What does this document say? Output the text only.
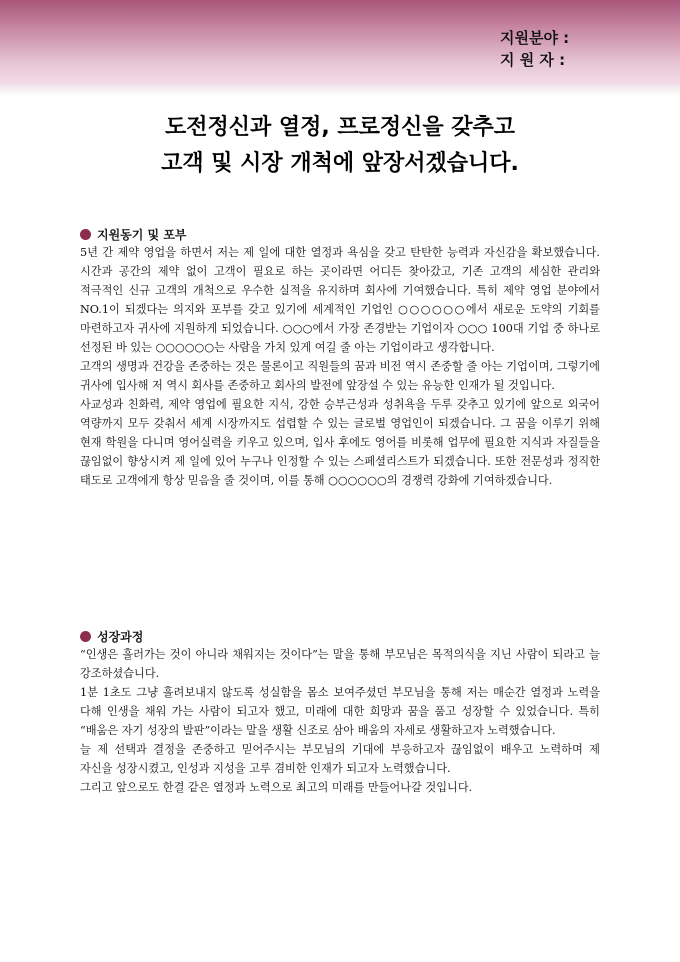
지원분야 :
지 원 자 :
도전정신과 열정, 프로정신을 갖추고
고객 및 시장 개척에 앞장서겠습니다.
지원동기 및 포부

5년 간 제약 영업을 하면서 저는 제 일에 대한 열정과 욕심을 갖고 탄탄한 능력과 자신감을 확보했습니다. 시간과 공간의 제약 없이 고객이 필요로 하는 곳이라면 어디든 찾아갔고, 기존 고객의 세심한 관리와 적극적인 신규 고객의 개척으로 우수한 실적을 유지하며 회사에 기여했습니다. 특히 제약 영업 분야에서 NO.1이 되겠다는 의지와 포부를 갖고 있기에 세계적인 기업인 ○○○○○○에서 새로운 도약의 기회를 마련하고자 귀사에 지원하게 되었습니다. ○○○에서 가장 존경받는 기업이자 ○○○ 100대 기업 중 하나로 선정된 바 있는 ○○○○○○는 사람을 가치 있게 여길 줄 아는 기업이라고 생각합니다.

고객의 생명과 건강을 존중하는 것은 물론이고 직원들의 꿈과 비전 역시 존중할 줄 아는 기업이며, 그렇기에 귀사에 입사해 저 역시 회사를 존중하고 회사의 발전에 앞장설 수 있는 유능한 인재가 될 것입니다.

사교성과 친화력, 제약 영업에 필요한 지식, 강한 승부근성과 성취욕을 두루 갖추고 있기에 앞으로 외국어 역량까지 모두 갖춰서 세계 시장까지도 섭렵할 수 있는 글로벌 영업인이 되겠습니다. 그 꿈을 이루기 위해 현재 학원을 다니며 영어실력을 키우고 있으며, 입사 후에도 영어를 비롯해 업무에 필요한 지식과 자질들을 끊임없이 향상시켜 제 일에 있어 누구나 인정할 수 있는 스페셜리스트가 되겠습니다. 또한 전문성과 정직한 태도로 고객에게 항상 믿음을 줄 것이며, 이를 통해 ○○○○○○의 경쟁력 강화에 기여하겠습니다.

성장과정

“인생은 흘러가는 것이 아니라 채워지는 것이다”는 말을 통해 부모님은 목적의식을 지닌 사람이 되라고 늘 강조하셨습니다.

1분 1초도 그냥 흘려보내지 않도록 성실함을 몸소 보여주셨던 부모님을 통해 저는 매순간 열정과 노력을 다해 인생을 채워 가는 사람이 되고자 했고, 미래에 대한 희망과 꿈을 품고 성장할 수 있었습니다. 특히 “배움은 자기 성장의 발판”이라는 말을 생활 신조로 삼아 배움의 자세로 생활하고자 노력했습니다.

늘 제 선택과 결정을 존중하고 믿어주시는 부모님의 기대에 부응하고자 끊임없이 배우고 노력하며 제 자신을 성장시켰고, 인성과 지성을 고루 겸비한 인재가 되고자 노력했습니다.

그리고 앞으로도 한결 같은 열정과 노력으로 최고의 미래를 만들어나갈 것입니다.
